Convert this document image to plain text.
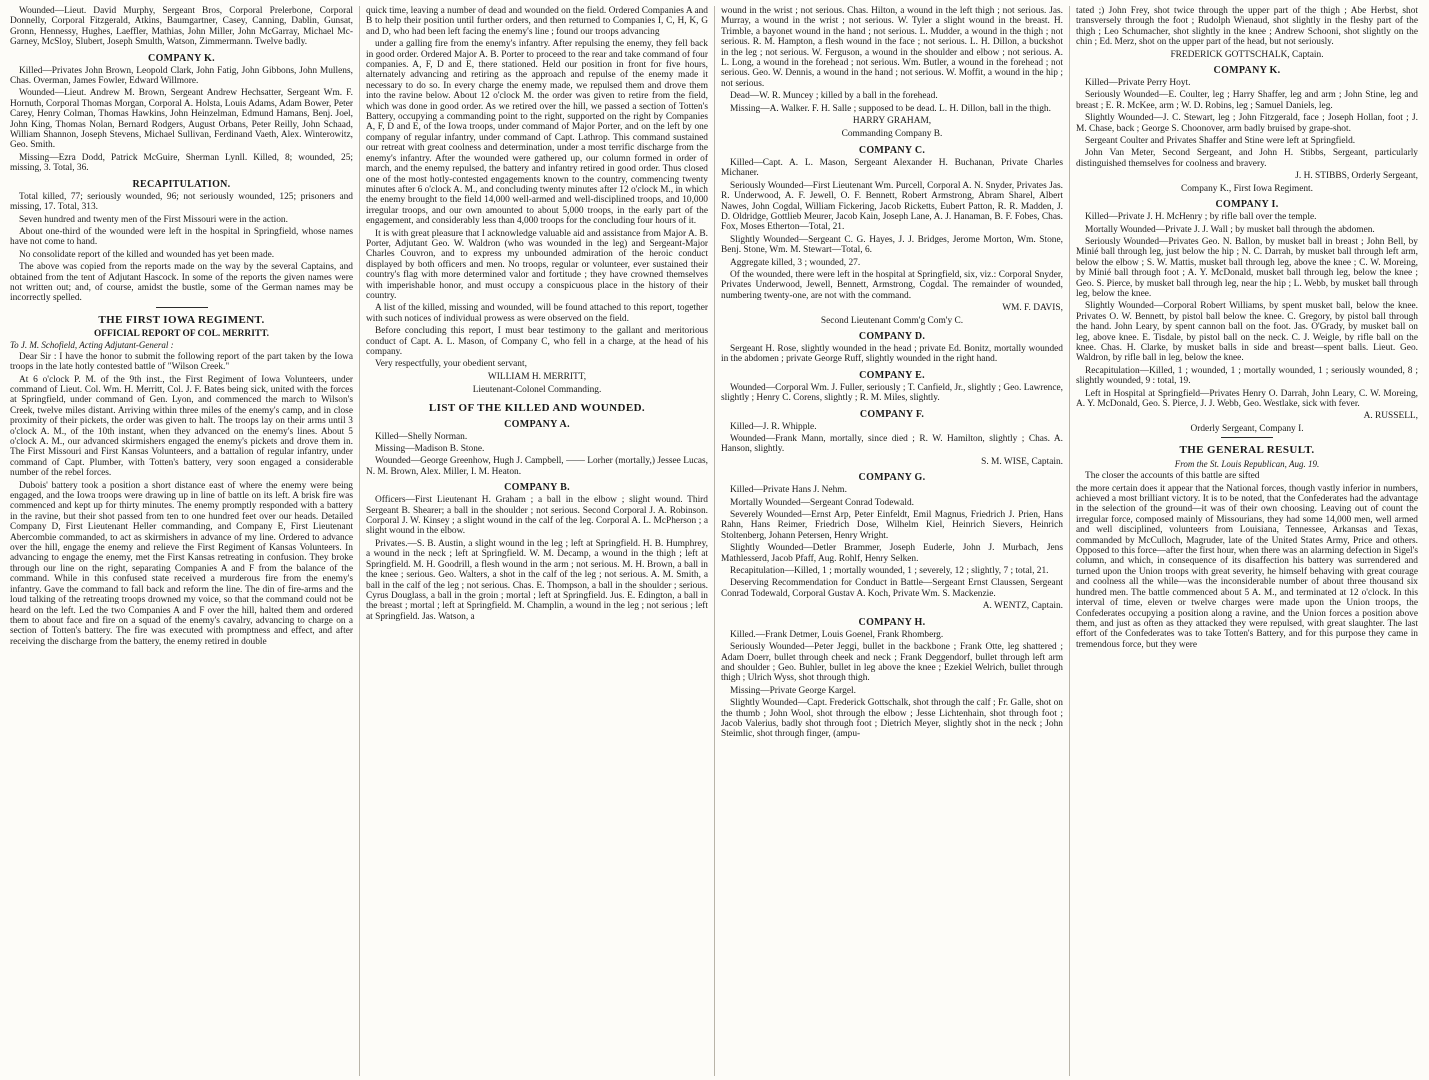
Wounded—Lieut. David Murphy, Sergeant Bros, Corporal Prelerbone, Corporal Donnelly, Corporal Fitzgerald, Atkins, Baumgartner, Casey, Canning, Dablin, Gunsat, Gronn, Hennessy, Hughes, Laeffler, Mathias, John Miller, John McGarray, Michael Mc-Garney, McSloy, Slubert, Joseph Smulth, Watson, Zimmermann. Twelve badly.

COMPANY K.

Killed—Privates John Brown, Leopold Clark, John Fatig, John Gibbons, John Mullens, Chas. Overman, James Fowler, Edward Willmore.

Wounded—Lieut. Andrew M. Brown, Sergeant Andrew Hechsatter, Sergeant Wm. F. Hornuth, Corporal Thomas Morgan, Corporal A. Holsta, Louis Adams, Adam Bower, Peter Carey, Henry Colman, Thomas Hawkins, John Heinzelman, Edmund Hamans, Benj. Joel, John King, Thomas Nolan, Bernard Rodgers, August Orbans, Peter Reilly, John Schaad, William Shannon, Joseph Stevens, Michael Sullivan, Ferdinand Vaeth, Alex. Winterowitz, Geo. Smith.

Missing—Ezra Dodd, Patrick McGuire, Sherman Lynll. Killed, 8; wounded, 25; missing, 3. Total, 36.

RECAPITULATION.

Total killed, 77; seriously wounded, 96; not seriously wounded, 125; prisoners and missing, 17. Total, 313.

Seven hundred and twenty men of the First Missouri were in the action.

About one-third of the wounded were left in the hospital in Springfield, whose names have not come to hand.

No consolidate report of the killed and wounded has yet been made.

The above was copied from the reports made on the way by the several Captains, and obtained from the tent of Adjutant Hascock. In some of the reports the given names were not written out; and, of course, amidst the bustle, some of the German names may be incorrectly spelled.

THE FIRST IOWA REGIMENT.
OFFICIAL REPORT OF COL. MERRITT.
To J. M. Schofield, Acting Adjutant-General :

Dear Sir : I have the honor to submit the following report of the part taken by the Iowa troops in the late hotly contested battle of "Wilson Creek."

At 6 o'clock P. M. of the 9th inst., the First Regiment of Iowa Volunteers, under command of Lieut. Col. Wm. H. Merritt, Col. J. F. Bates being sick, united with the forces at Springfield, under command of Gen. Lyon, and commenced the march to Wilson's Creek, twelve miles distant. Arriving within three miles of the enemy's camp, and in close proximity of their pickets, the order was given to halt. The troops lay on their arms until 3 o'clock A. M., of the 10th instant, when they advanced on the enemy's lines. About 5 o'clock A. M., our advanced skirmishers engaged the enemy's pickets and drove them in. The First Missouri and First Kansas Volunteers, and a battalion of regular infantry, under command of Capt. Plumber, with Totten's battery, very soon engaged a considerable number of the rebel forces.

Dubois' battery took a position a short distance east of where the enemy were being engaged, and the Iowa troops were drawing up in line of battle on its left. A brisk fire was commenced and kept up for thirty minutes. The enemy promptly responded with a battery in the ravine, but their shot passed from ten to one hundred feet over our heads. Detailed Company D, First Lieutenant Heller commanding, and Company E, First Lieutenant Abercombie commanded, to act as skirmishers in advance of my line. Ordered to advance over the hill, engage the enemy and relieve the First Regiment of Kansas Volunteers. In advancing to engage the enemy, met the First Kansas retreating in confusion. They broke through our line on the right, separating Companies A and F from the balance of the command. While in this confused state received a murderous fire from the enemy's infantry. Gave the command to fall back and reform the line. The din of fire-arms and the loud talking of the retreating troops drowned my voice, so that the command could not be heard on the left. Led the two Companies A and F over the hill, halted them and ordered them to about face and fire on a squad of the enemy's cavalry, advancing to charge on a section of Totten's battery. The fire was executed with promptness and effect, and after receiving the discharge from the battery, the enemy retired in double

quick time, leaving a number of dead and wounded on the field. Ordered Companies A and B to help their position until further orders, and then returned to Companies I, C, H, K, G and D, who had been left facing the enemy's line ; found our troops advancing

under a galling fire from the enemy's infantry. After repulsing the enemy, they fell back in good order. Ordered Major A. B. Porter to proceed to the rear and take command of four companies. A, F, D and E, there stationed. Held our position in front for five hours, alternately advancing and retiring as the approach and repulse of the enemy made it necessary to do so. In every charge the enemy made, we repulsed them and drove them into the ravine below. About 12 o'clock M. the order was given to retire from the field, which was done in good order. As we retired over the hill, we passed a section of Totten's Battery, occupying a commanding point to the right, supported on the right by Companies A, F, D and E, of the Iowa troops, under command of Major Porter, and on the left by one company of regular infantry, under command of Capt. Lathrop. This command sustained our retreat with great coolness and determination, under a most terrific discharge from the enemy's infantry. After the wounded were gathered up, our column formed in order of march, and the enemy repulsed, the battery and infantry retired in good order. Thus closed one of the most hotly-contested engagements known to the country, commencing twenty minutes after 6 o'clock A. M., and concluding twenty minutes after 12 o'clock M., in which the enemy brought to the field 14,000 well-armed and well-disciplined troops, and 10,000 irregular troops, and our own amounted to about 5,000 troops, in the early part of the engagement, and considerably less than 4,000 troops for the concluding four hours of it.

It is with great pleasure that I acknowledge valuable aid and assistance from Major A. B. Porter, Adjutant Geo. W. Waldron (who was wounded in the leg) and Sergeant-Major Charles Couvron, and to express my unbounded admiration of the heroic conduct displayed by both officers and men. No troops, regular or volunteer, ever sustained their country's flag with more determined valor and fortitude ; they have crowned themselves with imperishable honor, and must occupy a conspicuous place in the history of their country.

A list of the killed, missing and wounded, will be found attached to this report, together with such notices of individual prowess as were observed on the field.

Before concluding this report, I must bear testimony to the gallant and meritorious conduct of Capt. A. L. Mason, of Company C, who fell in a charge, at the head of his company.

Very respectfully, your obedient servant,

WILLIAM H. MERRITT,
Lieutenant-Colonel Commanding.
LIST OF THE KILLED AND WOUNDED.
COMPANY A.

Killed—Shelly Norman.

Missing—Madison B. Stone.

Wounded—George Greenhow, Hugh J. Campbell, —— Lorher (mortally,) Jessee Lucas, N. M. Brown, Alex. Miller, I. M. Heaton.

COMPANY B.

Officers—First Lieutenant H. Graham ; a ball in the elbow ; slight wound. Third Sergeant B. Shearer; a ball in the shoulder ; not serious. Second Corporal J. A. Robinson. Corporal J. W. Kinsey ; a slight wound in the calf of the leg. Corporal A. L. McPherson ; a slight wound in the elbow.

Privates.—S. B. Austin, a slight wound in the leg ; left at Springfield. H. B. Humphrey, a wound in the neck ; left at Springfield. W. M. Decamp, a wound in the thigh ; left at Springfield. M. H. Goodrill, a flesh wound in the arm ; not serious. M. H. Brown, a ball in the knee ; serious. Geo. Walters, a shot in the calf of the leg ; not serious. A. M. Smith, a ball in the calf of the leg ; not serious. Chas. E. Thompson, a ball in the shoulder ; serious. Cyrus Douglass, a ball in the groin ; mortal ; left at Springfield. Jus. E. Edington, a ball in the breast ; mortal ; left at Springfield. M. Champlin, a wound in the leg ; not serious ; left at Springfield. Jas. Watson, a

wound in the wrist ; not serious. Chas. Hilton, a wound in the left thigh ; not serious. Jas. Murray, a wound in the wrist ; not serious. W. Tyler a slight wound in the breast. H. Trimble, a bayonet wound in the hand ; not serious. L. Mudder, a wound in the thigh ; not serious. R. M. Hampton, a flesh wound in the face ; not serious. L. H. Dillon, a buckshot in the leg ; not serious. W. Ferguson, a wound in the shoulder and elbow ; not serious. A. L. Long, a wound in the forehead ; not serious. Wm. Butler, a wound in the forehead ; not serious. Geo. W. Dennis, a wound in the hand ; not serious. W. Moffit, a wound in the hip ; not serious.

Dead—W. R. Muncey ; killed by a ball in the forehead.

Missing—A. Walker. F. H. Salle ; supposed to be dead. L. H. Dillon, ball in the thigh.

HARRY GRAHAM,
Commanding Company B.
COMPANY C.

Killed—Capt. A. L. Mason, Sergeant Alexander H. Buchanan, Private Charles Michaner.

Seriously Wounded—First Lieutenant Wm. Purcell, Corporal A. N. Snyder, Privates Jas. R. Underwood, A. F. Jewell, O. F. Bennett, Robert Armstrong, Abram Sharel, Albert Nawes, John Cogdal, William Fickering, Jacob Ricketts, Eubert Patton, R. R. Madden, J. D. Oldridge, Gottlieb Meurer, Jacob Kain, Joseph Lane, A. J. Hanaman, B. F. Fobes, Chas. Fox, Moses Etherton—Total, 21.

Slightly Wounded—Sergeant C. G. Hayes, J. J. Bridges, Jerome Morton, Wm. Stone, Benj. Stone, Wm. M. Stewart—Total, 6.

Aggregate killed, 3 ; wounded, 27.

Of the wounded, there were left in the hospital at Springfield, six, viz.: Corporal Snyder, Privates Underwood, Jewell, Bennett, Armstrong, Cogdal. The remainder of wounded, numbering twenty-one, are not with the command.

WM. F. DAVIS,
Second Lieutenant Comm'g Com'y C.
COMPANY D.

Sergeant H. Rose, slightly wounded in the head ; private Ed. Bonitz, mortally wounded in the abdomen ; private George Ruff, slightly wounded in the right hand.

COMPANY E.

Wounded—Corporal Wm. J. Fuller, seriously ; T. Canfield, Jr., slightly ; Geo. Lawrence, slightly ; Henry C. Corens, slightly ; R. M. Miles, slightly.

COMPANY F.

Killed—J. R. Whipple.

Wounded—Frank Mann, mortally, since died ; R. W. Hamilton, slightly ; Chas. A. Hanson, slightly.

S. M. WISE, Captain.
COMPANY G.

Killed—Private Hans J. Nehm.

Mortally Wounded—Sergeant Conrad Todewald.

Severely Wounded—Ernst Arp, Peter Einfeldt, Emil Magnus, Friedrich J. Prien, Hans Rahn, Hans Reimer, Friedrich Dose, Wilhelm Kiel, Heinrich Sievers, Heinrich Stoltenberg, Johann Petersen, Henry Wright.

Slightly Wounded—Detler Brammer, Joseph Euderle, John J. Murbach, Jens Mathlesserd, Jacob Pfaff, Aug. Rohlf, Henry Selken.

Recapitulation—Killed, 1 ; mortally wounded, 1 ; severely, 12 ; slightly, 7 ; total, 21.

Deserving Recommendation for Conduct in Battle—Sergeant Ernst Claussen, Sergeant Conrad Todewald, Corporal Gustav A. Koch, Private Wm. S. Mackenzie.

A. WENTZ, Captain.
COMPANY H.

Killed.—Frank Detmer, Louis Goenel, Frank Rhomberg.

Seriously Wounded—Peter Jeggi, bullet in the backbone ; Frank Otte, leg shattered ; Adam Doerr, bullet through cheek and neck ; Frank Deggendorf, bullet through left arm and shoulder ; Geo. Buhler, bullet in leg above the knee ; Ezekiel Welrich, bullet through thigh ; Ulrich Wyss, shot through thigh.

Missing—Private George Kargel.

Slightly Wounded—Capt. Frederick Gottschalk, shot through the calf ; Fr. Galle, shot on the thumb ; John Wool, shot through the elbow ; Jesse Lichtenhain, shot through foot ; Jacob Valerius, badly shot through foot ; Dietrich Meyer, slightly shot in the neck ; John Steimlic, shot through finger, (ampu-

tated ;) John Frey, shot twice through the upper part of the thigh ; Abe Herbst, shot transversely through the foot ; Rudolph Wienaud, shot slightly in the fleshy part of the thigh ; Leo Schumacher, shot slightly in the knee ; Andrew Schooni, shot slightly on the chin ; Ed. Merz, shot on the upper part of the head, but not seriously.

FREDERICK GOTTSCHALK, Captain.
COMPANY K.

Killed—Private Perry Hoyt.

Seriously Wounded—E. Coulter, leg ; Harry Shaffer, leg and arm ; John Stine, leg and breast ; E. R. McKee, arm ; W. D. Robins, leg ; Samuel Daniels, leg.

Slightly Wounded—J. C. Stewart, leg ; John Fitzgerald, face ; Joseph Hollan, foot ; J. M. Chase, back ; George S. Choonover, arm badly bruised by grape-shot.

Sergeant Coulter and Privates Shaffer and Stine were left at Springfield.

John Van Meter, Second Sergeant, and John H. Stibbs, Sergeant, particularly distinguished themselves for coolness and bravery.

J. H. STIBBS, Orderly Sergeant,
Company K., First Iowa Regiment.
COMPANY I.

Killed—Private J. H. McHenry ; by rifle ball over the temple.

Mortally Wounded—Private J. J. Wall ; by musket ball through the abdomen.

Seriously Wounded—Privates Geo. N. Ballon, by musket ball in breast ; John Bell, by Minié ball through leg, just below the hip ; N. C. Darrah, by musket ball through left arm, below the elbow ; S. W. Mattis, musket ball through leg, above the knee ; C. W. Moreing, by Minié ball through foot ; A. Y. McDonald, musket ball through leg, below the knee ; Geo. S. Pierce, by musket ball through leg, near the hip ; L. Webb, by musket ball through leg, below the knee.

Slightly Wounded—Corporal Robert Williams, by spent musket ball, below the knee. Privates O. W. Bennett, by pistol ball below the knee. C. Gregory, by pistol ball through the hand. John Leary, by spent cannon ball on the foot. Jas. O'Grady, by musket ball on leg, above knee. E. Tisdale, by pistol ball on the neck. C. J. Weigle, by rifle ball on the knee. Chas. H. Clarke, by musket balls in side and breast—spent balls. Lieut. Geo. Waldron, by rifle ball in leg, below the knee.

Recapitulation—Killed, 1 ; wounded, 1 ; mortally wounded, 1 ; seriously wounded, 8 ; slightly wounded, 9 : total, 19.

Left in Hospital at Springfield—Privates Henry O. Darrah, John Leary, C. W. Moreing, A. Y. McDonald, Geo. S. Pierce, J. J. Webb, Geo. Westlake, sick with fever.

A. RUSSELL,
Orderly Sergeant, Company I.
THE GENERAL RESULT.
From the St. Louis Republican, Aug. 19.

The closer the accounts of this battle are sifted

the more certain does it appear that the National forces, though vastly inferior in numbers, achieved a most brilliant victory. It is to be noted, that the Confederates had the advantage in the selection of the ground—it was of their own choosing. Leaving out of count the irregular force, composed mainly of Missourians, they had some 14,000 men, well armed and well disciplined, volunteers from Louisiana, Tennessee, Arkansas and Texas, commanded by McCulloch, Magruder, late of the United States Army, Price and others. Opposed to this force—after the first hour, when there was an alarming defection in Sigel's column, and which, in consequence of its disaffection his battery was surrendered and turned upon the Union troops with great severity, he himself behaving with great courage and coolness all the while—was the inconsiderable number of about three thousand six hundred men. The battle commenced about 5 A. M., and terminated at 12 o'clock. In this interval of time, eleven or twelve charges were made upon the Union troops, the Confederates occupying a position along a ravine, and the Union forces a position above them, and just as often as they attacked they were repulsed, with great slaughter. The last effort of the Confederates was to take Totten's Battery, and for this purpose they came in tremendous force, but they were
